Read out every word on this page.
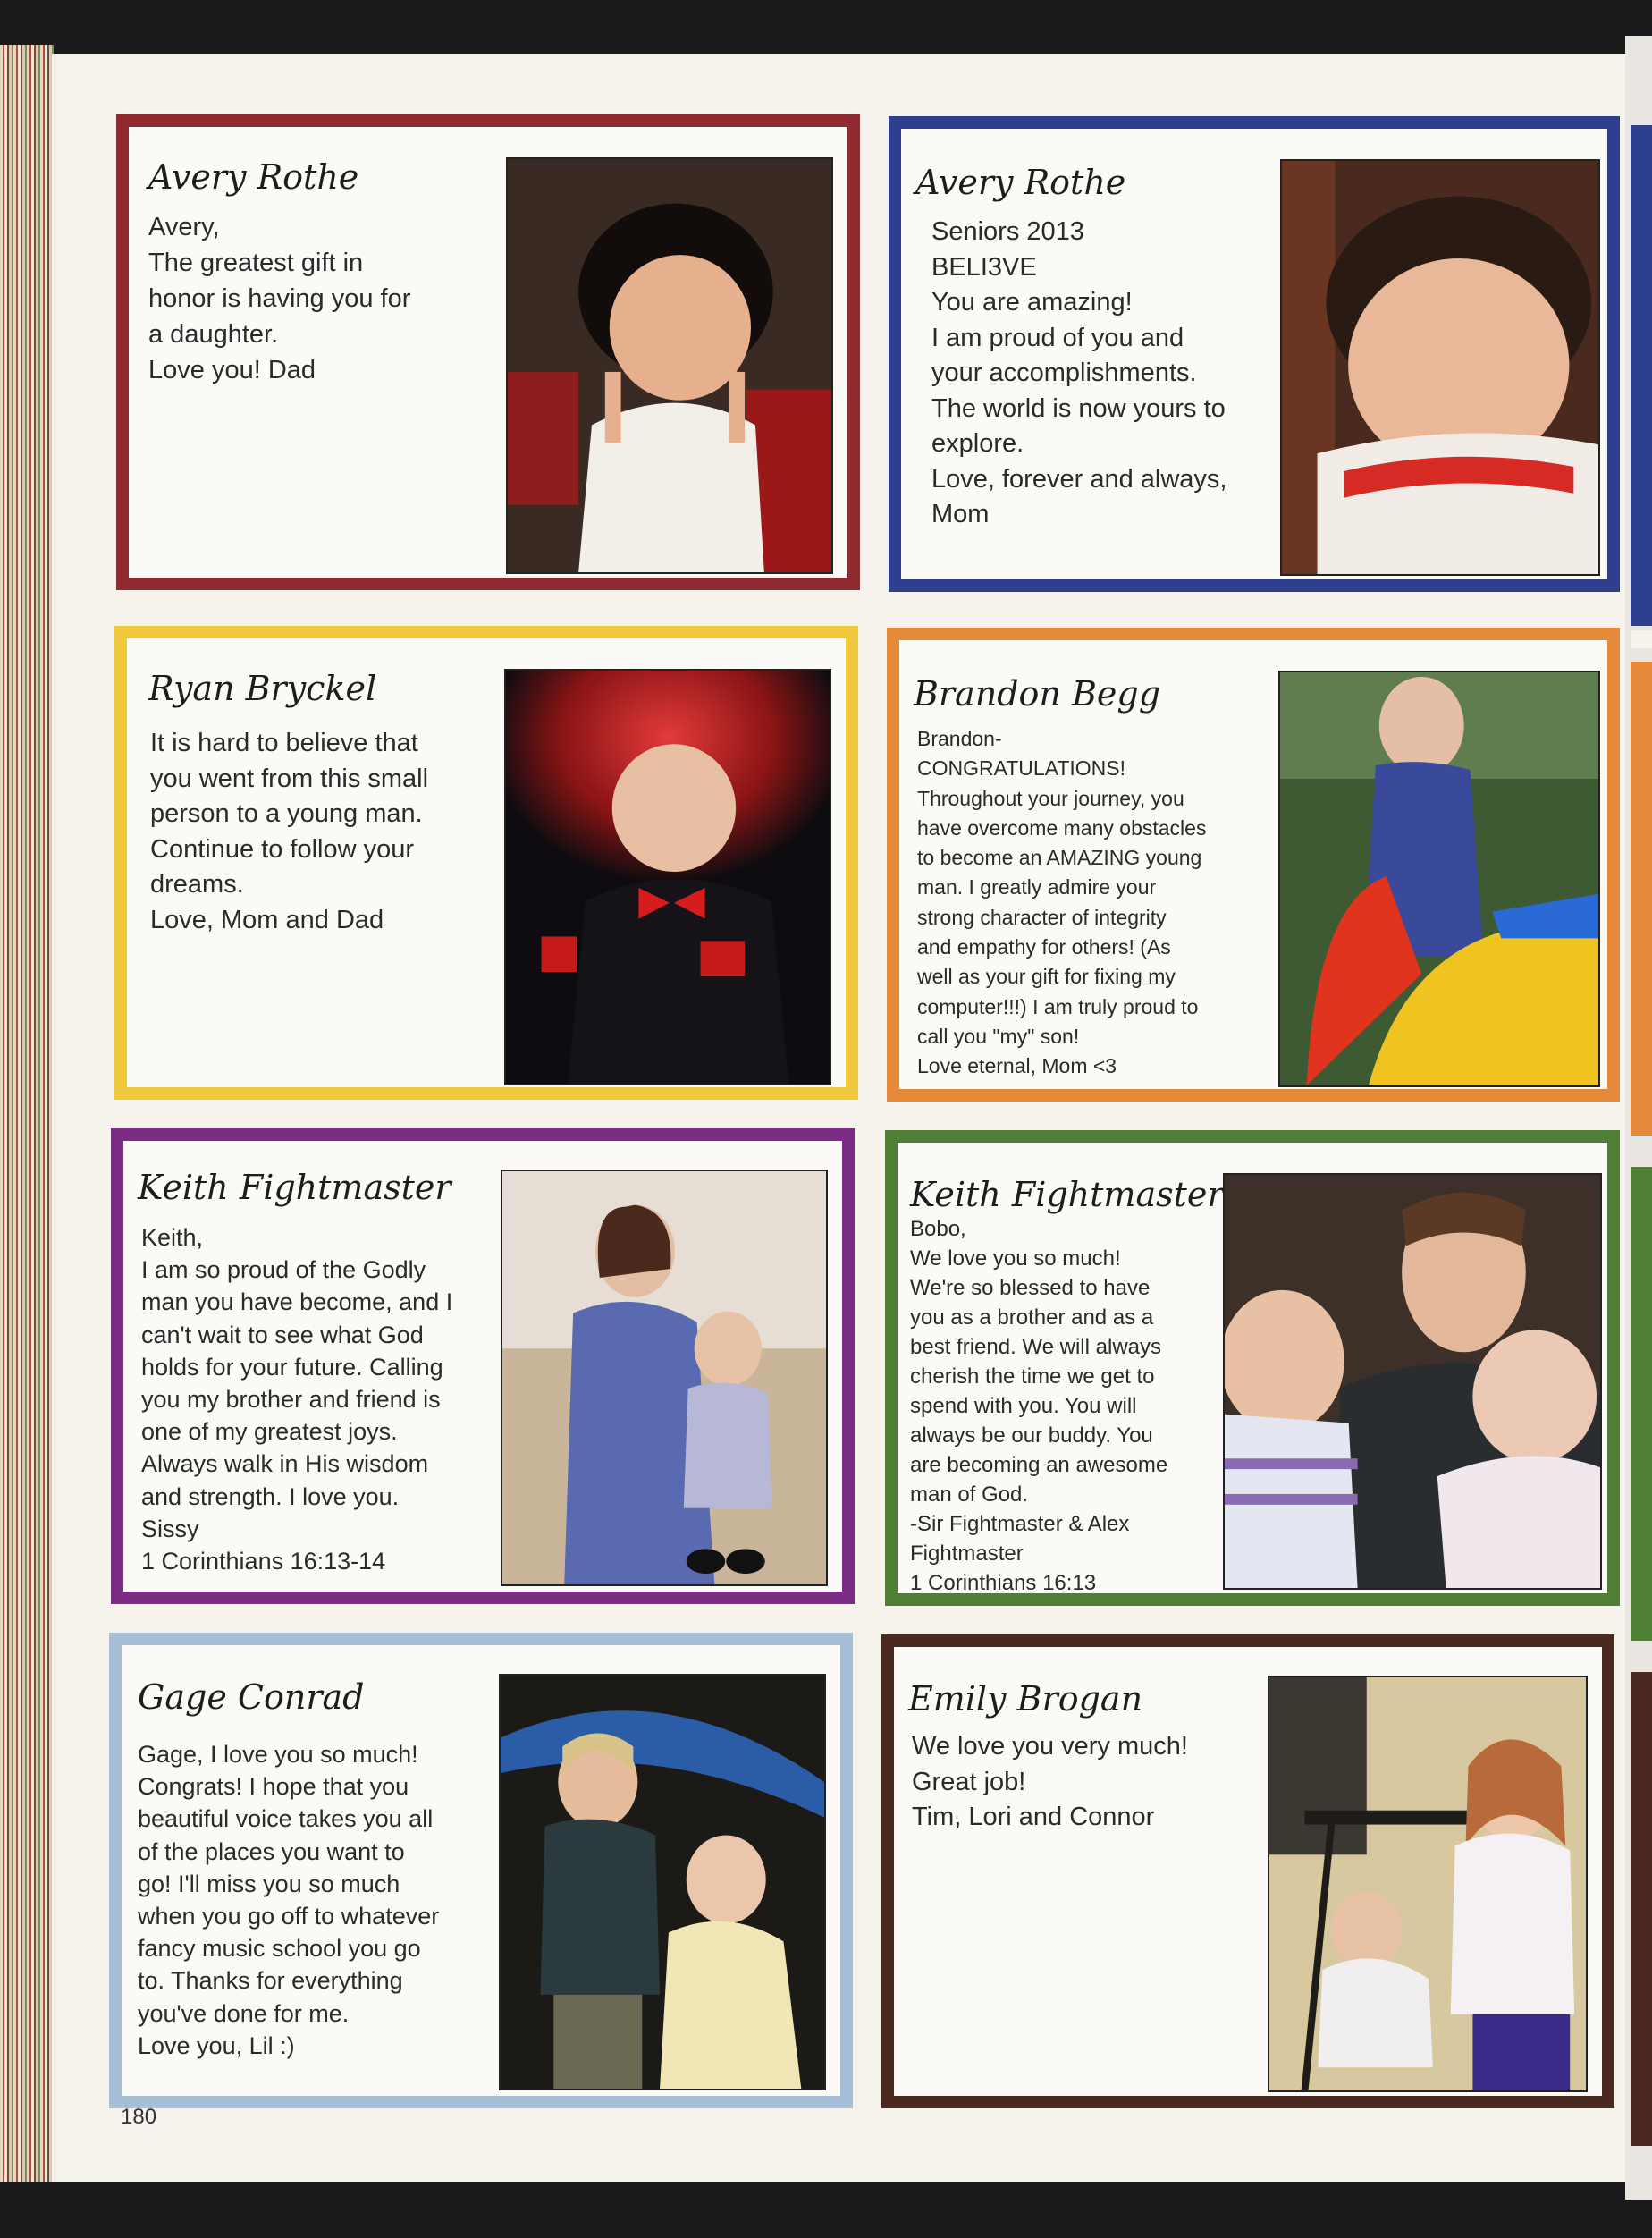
Avery Rothe
Avery,
The greatest gift in
honor is having you for
a daughter.
Love you! Dad
Avery Rothe
Seniors 2013
BELI3VE
You are amazing!
I am proud of you and
your accomplishments.
The world is now yours to
explore.
Love, forever and always,
Mom
Ryan Bryckel
It is hard to believe that
you went from this small
person to a young man.
Continue to follow your
dreams.
Love, Mom and Dad
Brandon Begg
Brandon-
CONGRATULATIONS!
Throughout your journey, you
have overcome many obstacles
to become an AMAZING young
man. I greatly admire your
strong character of integrity
and empathy for others! (As
well as your gift for fixing my
computer!!!) I am truly proud to
call you "my" son!
Love eternal, Mom <3
Keith Fightmaster
Keith,
I am so proud of the Godly
man you have become, and I
can't wait to see what God
holds for your future. Calling
you my brother and friend is
one of my greatest joys.
Always walk in His wisdom
and strength. I love you.
Sissy
1 Corinthians 16:13-14
Keith Fightmaster
Bobo,
We love you so much!
We're so blessed to have
you as a brother and as a
best friend. We will always
cherish the time we get to
spend with you. You will
always be our buddy. You
are becoming an awesome
man of God.
-Sir Fightmaster & Alex
Fightmaster
1 Corinthians 16:13
Gage Conrad
Gage, I love you so much!
Congrats! I hope that you
beautiful voice takes you all
of the places you want to
go! I'll miss you so much
when you go off to whatever
fancy music school you go
to. Thanks for everything
you've done for me.
Love you, Lil :)
Emily Brogan
We love you very much!
Great job!
Tim, Lori and Connor
180
